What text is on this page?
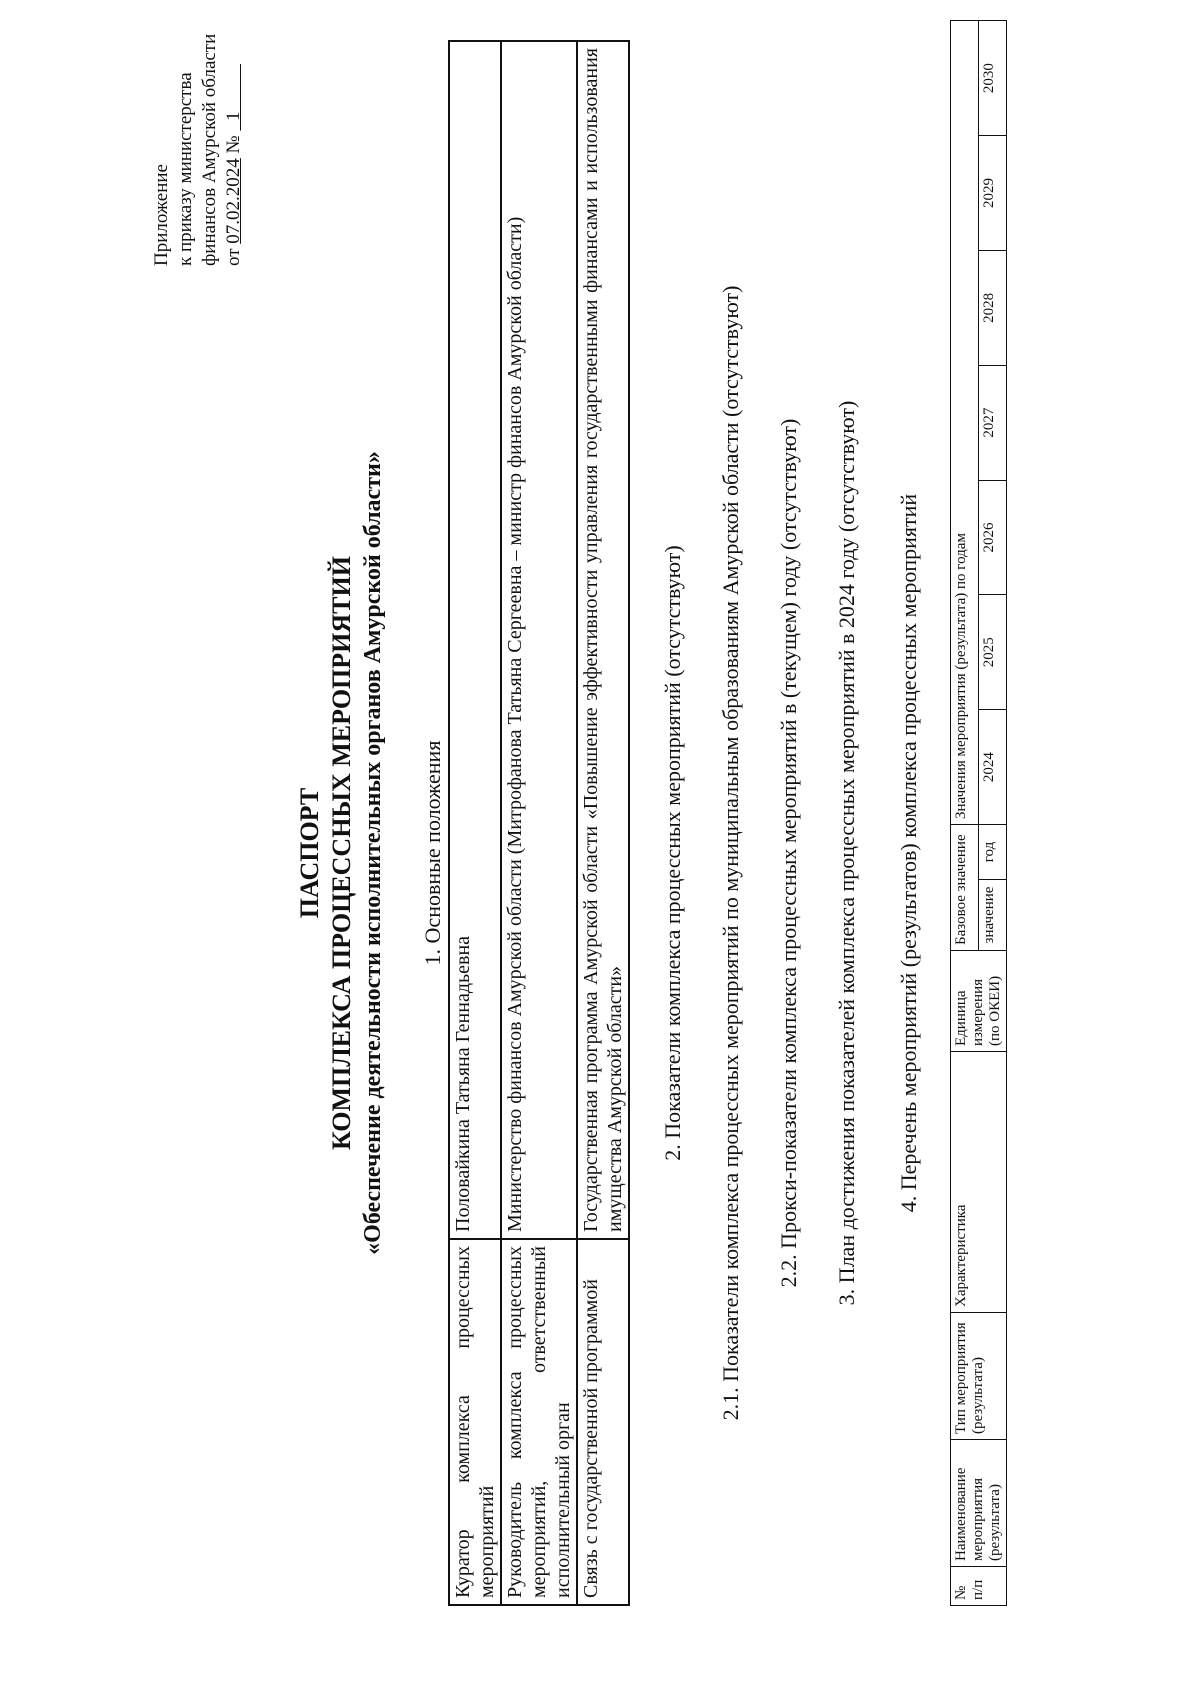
Приложение к приказу министерства финансов Амурской области от 07.02.2024 №   1
ПАСПОРТ КОМПЛЕКСА ПРОЦЕССНЫХ МЕРОПРИЯТИЙ «Обеспечение деятельности исполнительных органов Амурской области» 1. Основные положения
Куратор комплекса процессных мероприятий	Половайкина Татьяна Геннадьевна
Руководитель комплекса процессных мероприятий, ответственный исполнительный орган	Министерство финансов Амурской области (Митрофанова Татьяна Сергеевна – министр финансов Амурской области)
Связь с государственной программой	Государственная программа Амурской области «Повышение эффективности управления государственными финансами и использования имущества Амурской области» 2. Показатели комплекса процессных мероприятий (отсутствуют) 2.1. Показатели комплекса процессных мероприятий по муниципальным образованиям Амурской области (отсутствуют) 2.2. Прокси-показатели комплекса процессных мероприятий в (текущем) году (отсутствуют) 3. План достижения показателей комплекса процессных мероприятий в 2024 году (отсутствуют) 4. Перечень мероприятий (результатов) комплекса процессных мероприятий
№ п/п	Наименование мероприятия (результата)	Тип мероприятия (результата)	Характеристика	Единица измерения (по ОКЕИ)	Базовое значение		Значения мероприятия (результата) по годам						
					значение	год	2024	2025	2026	2027	2028	2029	2030
